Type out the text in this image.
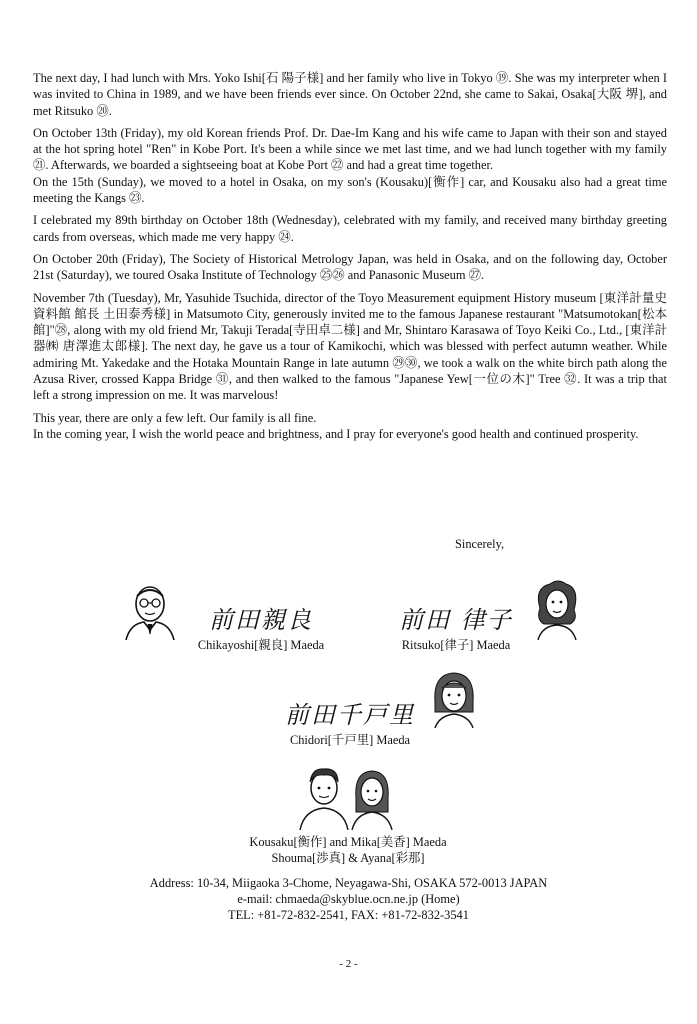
The next day, I had lunch with Mrs. Yoko Ishi[石 陽子様] and her family who live in Tokyo ⑲. She was my interpreter when I was invited to China in 1989, and we have been friends ever since. On October 22nd, she came to Sakai, Osaka[大阪 堺], and met Ritsuko ⑳.

On October 13th (Friday), my old Korean friends Prof. Dr. Dae-Im Kang and his wife came to Japan with their son and stayed at the hot spring hotel "Ren" in Kobe Port. It's been a while since we met last time, and we had lunch together with my family ㉑. Afterwards, we boarded a sightseeing boat at Kobe Port ㉒ and had a great time together.

On the 15th (Sunday), we moved to a hotel in Osaka, on my son's (Kousaku)[衡作] car, and Kousaku also had a great time meeting the Kangs ㉓.

I celebrated my 89th birthday on October 18th (Wednesday), celebrated with my family, and received many birthday greeting cards from overseas, which made me very happy ㉔.

On October 20th (Friday), The Society of Historical Metrology Japan, was held in Osaka, and on the following day, October 21st (Saturday), we toured Osaka Institute of Technology ㉕㉖ and Panasonic Museum ㉗.

November 7th (Tuesday), Mr, Yasuhide Tsuchida, director of the Toyo Measurement equipment History museum [東洋計量史資料館 館長 土田泰秀様] in Matsumoto City, generously invited me to the famous Japanese restaurant "Matsumotokan[松本館]"㉘, along with my old friend Mr, Takuji Terada[寺田卓二様] and Mr, Shintaro Karasawa of Toyo Keiki Co., Ltd., [東洋計器㈱ 唐澤進太郎様]. The next day, he gave us a tour of Kamikochi, which was blessed with perfect autumn weather. While admiring Mt. Yakedake and the Hotaka Mountain Range in late autumn ㉙㉚, we took a walk on the white birch path along the Azusa River, crossed Kappa Bridge ㉛, and then walked to the famous "Japanese Yew[一位の木]" Tree ㉜. It was a trip that left a strong impression on me. It was marvelous!

This year, there are only a few left. Our family is all fine.

In the coming year, I wish the world peace and brightness, and I pray for everyone's good health and continued prosperity.

Sincerely,
前田親良
Chikayoshi[親良] Maeda
前田 律子
Ritsuko[律子] Maeda
前田千戸里
Chidori[千戸里] Maeda
Kousaku[衡作] and Mika[美香] Maeda
Shouma[渉真] & Ayana[彩那]
Address: 10-34, Miigaoka 3-Chome, Neyagawa-Shi, OSAKA 572-0013 JAPAN
e-mail: chmaeda@skyblue.ocn.ne.jp (Home)
TEL: +81-72-832-2541, FAX: +81-72-832-3541
- 2 -
